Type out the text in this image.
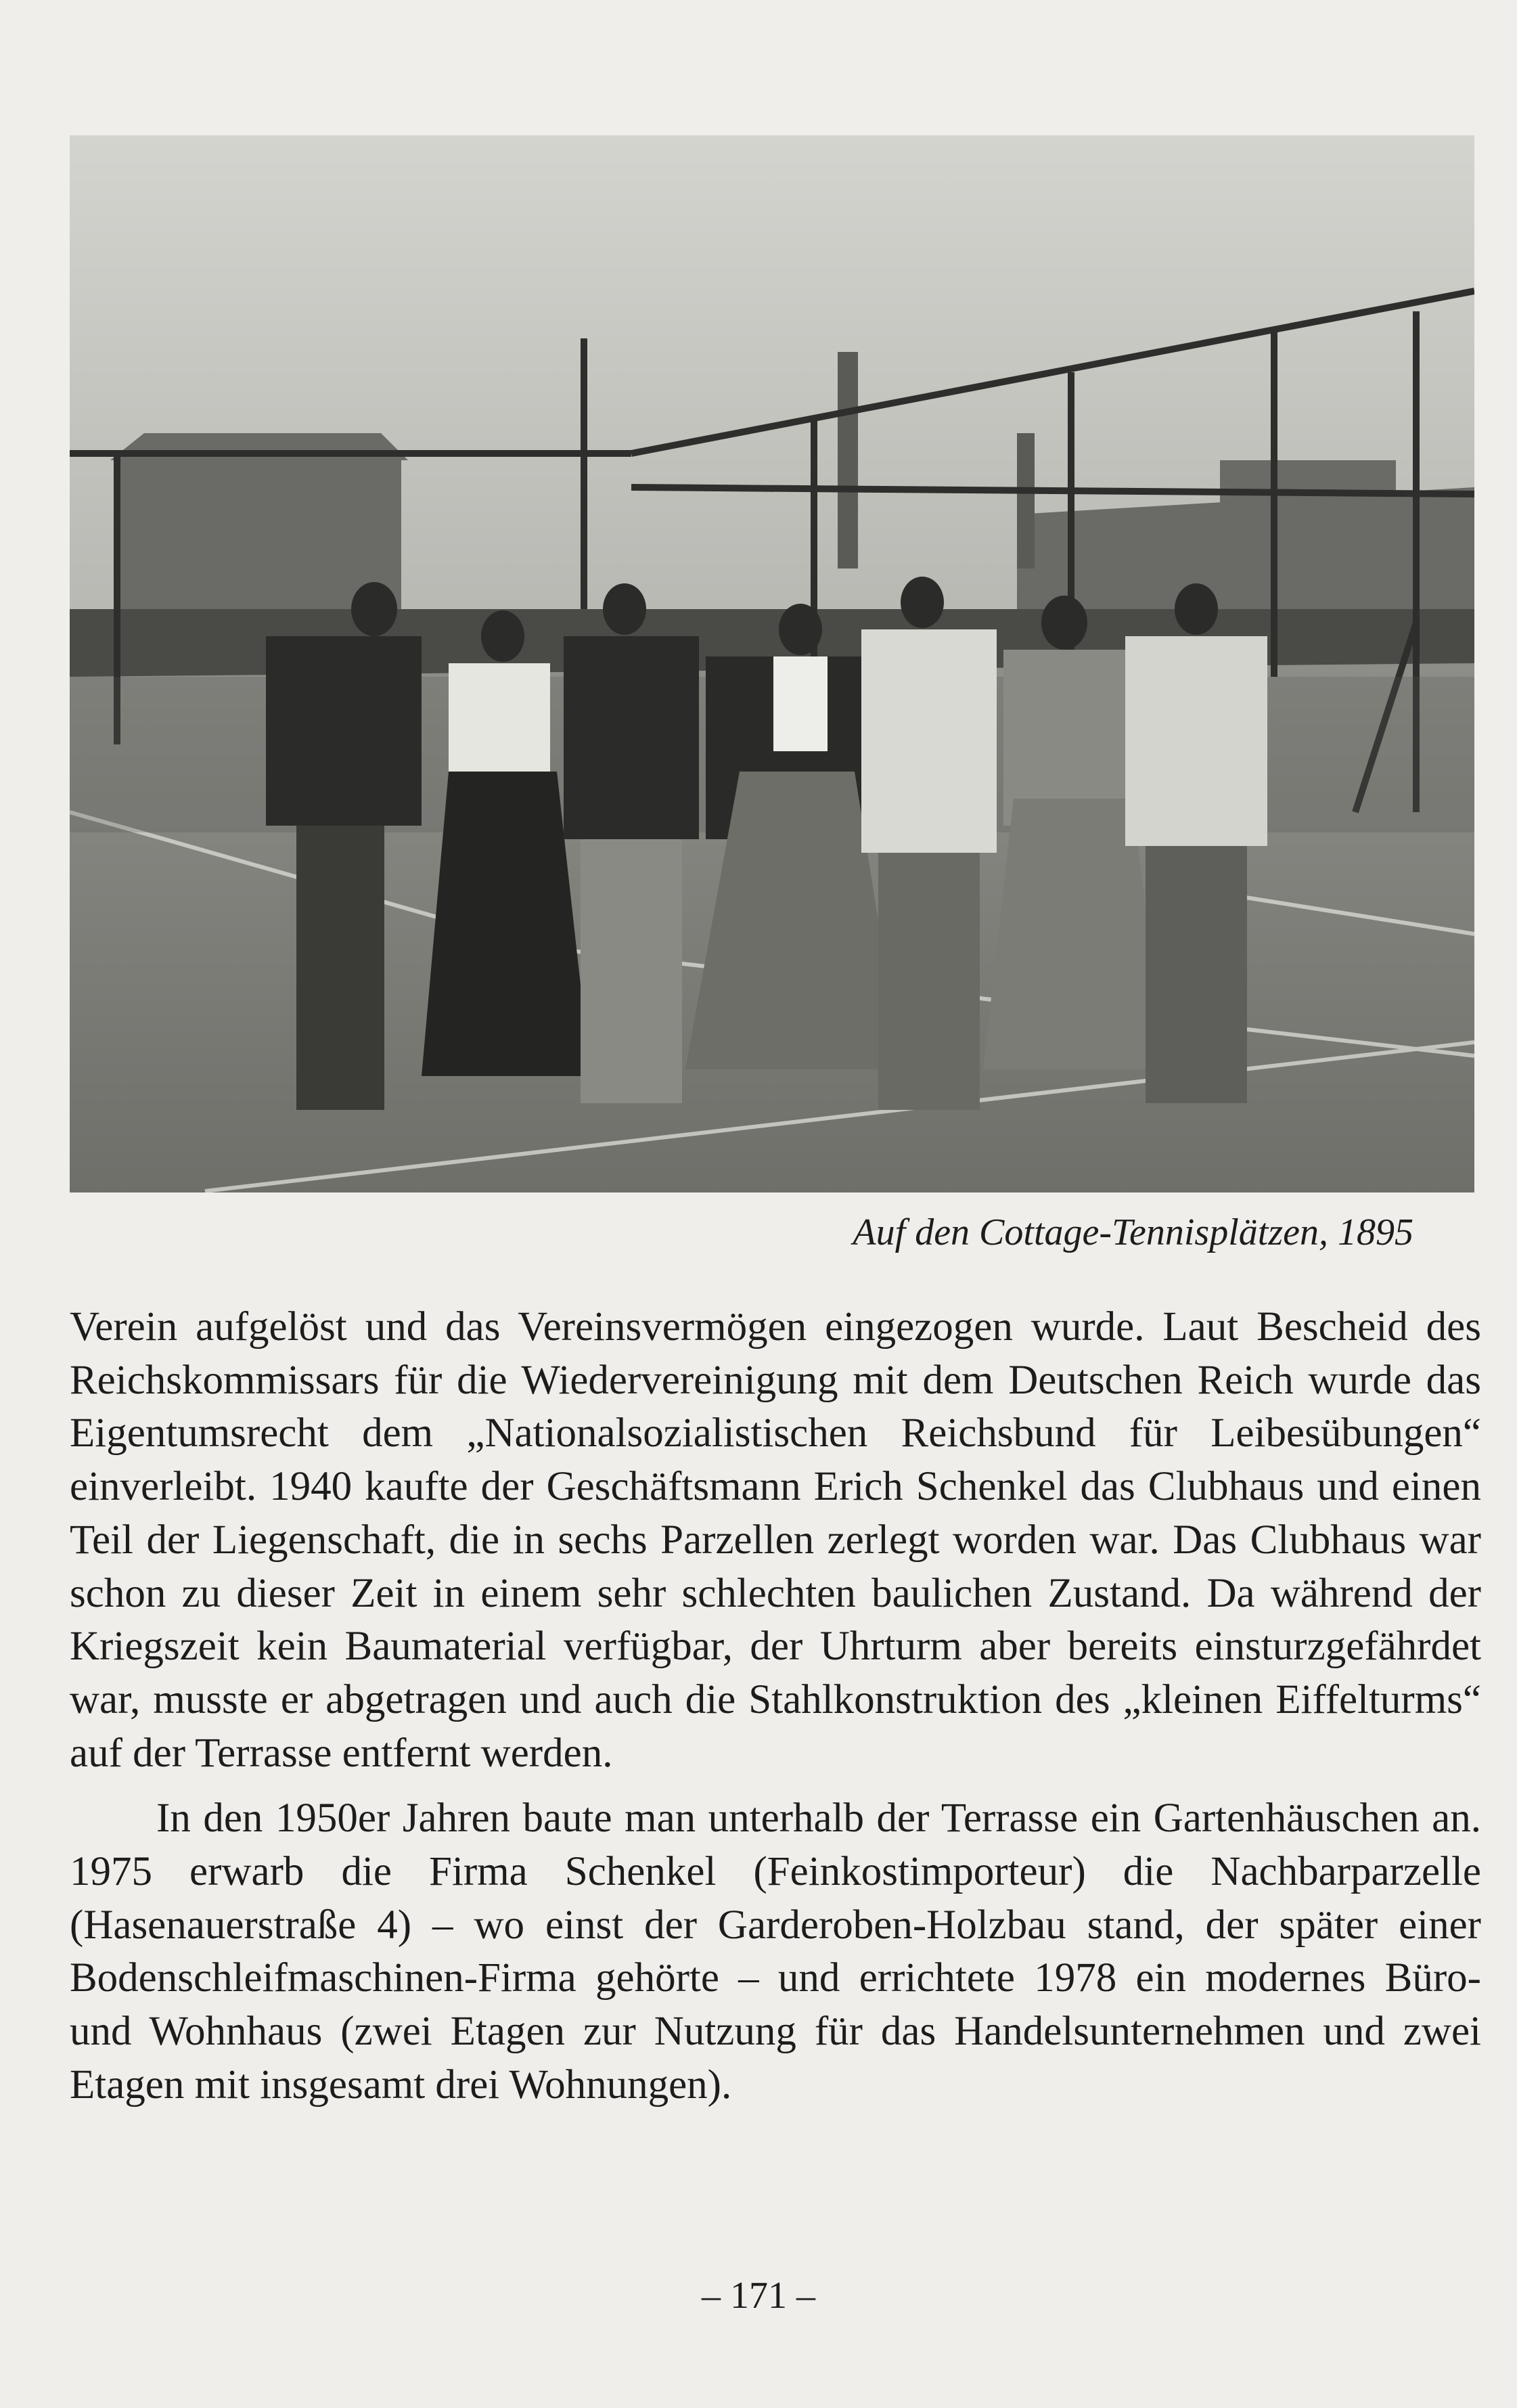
Auf den Cottage-Tennisplätzen, 1895

Verein aufgelöst und das Vereinsvermögen eingezogen wurde. Laut Bescheid des Reichskommissars für die Wiedervereinigung mit dem Deutschen Reich wurde das Eigentumsrecht dem „Nationalsozialistischen Reichsbund für Leibesübungen“ einverleibt. 1940 kaufte der Geschäftsmann Erich Schenkel das Clubhaus und einen Teil der Liegenschaft, die in sechs Parzellen zerlegt worden war. Das Clubhaus war schon zu dieser Zeit in einem sehr schlechten baulichen Zustand. Da während der Kriegszeit kein Baumaterial verfügbar, der Uhrturm aber bereits einsturzgefährdet war, musste er abgetragen und auch die Stahlkonstruktion des „kleinen Eiffelturms“ auf der Terrasse entfernt werden.

In den 1950er Jahren baute man unterhalb der Terrasse ein Gartenhäuschen an. 1975 erwarb die Firma Schenkel (Feinkostimporteur) die Nachbarparzelle (Hasenauerstraße 4) – wo einst der Garderoben-Holzbau stand, der später einer Bodenschleifmaschinen-Firma gehörte – und errichtete 1978 ein modernes Büro- und Wohnhaus (zwei Etagen zur Nutzung für das Handelsunternehmen und zwei Etagen mit insgesamt drei Wohnungen).

– 171 –
